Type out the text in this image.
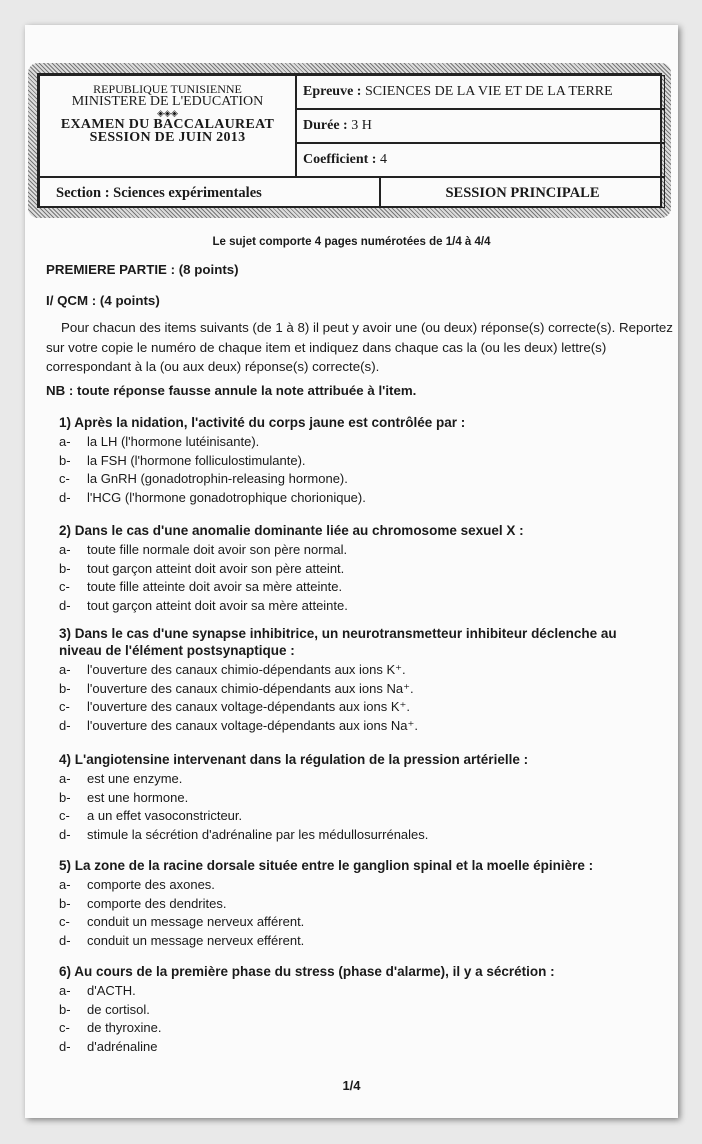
REPUBLIQUE TUNISIENNE
MINISTERE DE L'EDUCATION
◈◈◈
EXAMEN DU BACCALAUREAT
SESSION DE JUIN 2013
Epreuve : SCIENCES DE LA VIE ET DE LA TERRE
Durée : 3 H
Coefficient : 4
Section : Sciences expérimentales	SESSION PRINCIPALE
Le sujet comporte 4 pages numérotées de 1/4 à 4/4
PREMIERE PARTIE : (8 points)
I/ QCM : (4 points)
Pour chacun des items suivants (de 1 à 8) il peut y avoir une (ou deux) réponse(s) correcte(s). Reportez sur votre copie le numéro de chaque item et indiquez dans chaque cas la (ou les deux) lettre(s) correspondant à la (ou aux deux) réponse(s) correcte(s).
NB : toute réponse fausse annule la note attribuée à l'item.
1) Après la nidation, l'activité du corps jaune est contrôlée par :
a- la LH (l'hormone lutéinisante).
b- la FSH (l'hormone folliculostimulante).
c- la GnRH (gonadotrophin-releasing hormone).
d- l'HCG (l'hormone gonadotrophique chorionique).
2) Dans le cas d'une anomalie dominante liée au chromosome sexuel X :
a- toute fille normale doit avoir son père normal.
b- tout garçon atteint doit avoir son père atteint.
c- toute fille atteinte doit avoir sa mère atteinte.
d- tout garçon atteint doit avoir sa mère atteinte.
3) Dans le cas d'une synapse inhibitrice, un neurotransmetteur inhibiteur déclenche au niveau de l'élément postsynaptique :
a- l'ouverture des canaux chimio-dépendants aux ions K⁺.
b- l'ouverture des canaux chimio-dépendants aux ions Na⁺.
c- l'ouverture des canaux voltage-dépendants aux ions K⁺.
d- l'ouverture des canaux voltage-dépendants aux ions Na⁺.
4) L'angiotensine intervenant dans la régulation de la pression artérielle :
a- est une enzyme.
b- est une hormone.
c- a un effet vasoconstricteur.
d- stimule la sécrétion d'adrénaline par les médullosurrénales.
5) La zone de la racine dorsale située entre le ganglion spinal et la moelle épinière :
a- comporte des axones.
b- comporte des dendrites.
c- conduit un message nerveux afférent.
d- conduit un message nerveux efférent.
6) Au cours de la première phase du stress (phase d'alarme), il y a sécrétion :
a- d'ACTH.
b- de cortisol.
c- de thyroxine.
d- d'adrénaline
1/4
